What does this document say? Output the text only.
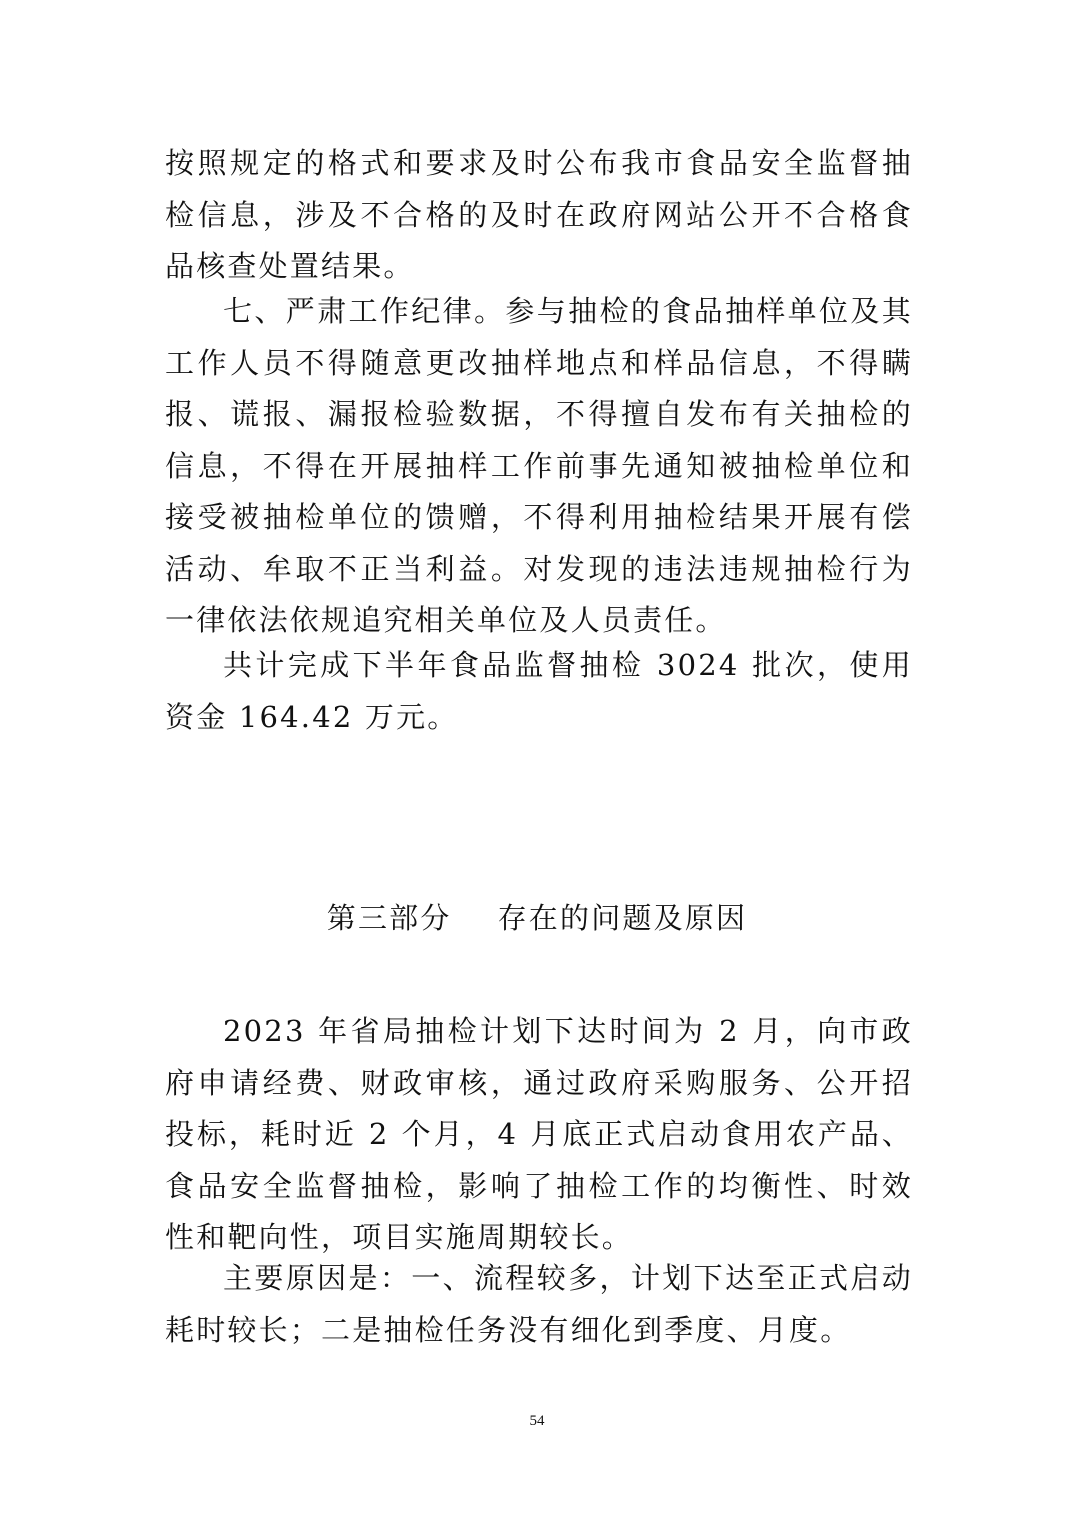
按照规定的格式和要求及时公布我市食品安全监督抽检信息，涉及不合格的及时在政府网站公开不合格食品核查处置结果。

七、严肃工作纪律。参与抽检的食品抽样单位及其工作人员不得随意更改抽样地点和样品信息，不得瞒报、谎报、漏报检验数据，不得擅自发布有关抽检的信息，不得在开展抽样工作前事先通知被抽检单位和接受被抽检单位的馈赠，不得利用抽检结果开展有偿活动、牟取不正当利益。对发现的违法违规抽检行为一律依法依规追究相关单位及人员责任。

共计完成下半年食品监督抽检 3024 批次，使用资金 164.42 万元。

第三部分 存在的问题及原因

2023 年省局抽检计划下达时间为 2 月，向市政府申请经费、财政审核，通过政府采购服务、公开招投标，耗时近 2 个月，4 月底正式启动食用农产品、食品安全监督抽检，影响了抽检工作的均衡性、时效性和靶向性，项目实施周期较长。

主要原因是：一、流程较多，计划下达至正式启动耗时较长；二是抽检任务没有细化到季度、月度。

54
